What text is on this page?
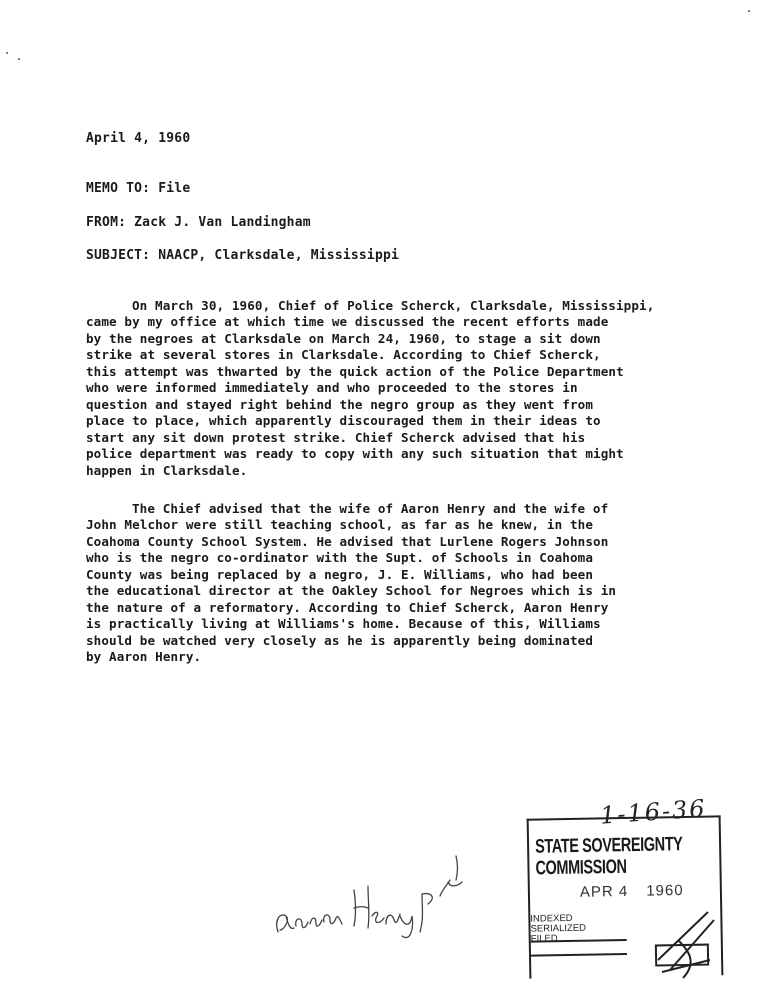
April 4, 1960
MEMO TO: File
FROM: Zack J. Van Landingham
SUBJECT: NAACP, Clarksdale, Mississippi

On March 30, 1960, Chief of Police Scherck, Clarksdale, Mississippi,
came by my office at which time we discussed the recent efforts made
by the negroes at Clarksdale on March 24, 1960, to stage a sit down
strike at several stores in Clarksdale. According to Chief Scherck,
this attempt was thwarted by the quick action of the Police Department
who were informed immediately and who proceeded to the stores in
question and stayed right behind the negro group as they went from
place to place, which apparently discouraged them in their ideas to
start any sit down protest strike. Chief Scherck advised that his
police department was ready to copy with any such situation that might
happen in Clarksdale.

The Chief advised that the wife of Aaron Henry and the wife of
John Melchor were still teaching school, as far as he knew, in the
Coahoma County School System. He advised that Lurlene Rogers Johnson
who is the negro co-ordinator with the Supt. of Schools in Coahoma
County was being replaced by a negro, J. E. Williams, who had been
the educational director at the Oakley School for Negroes which is in
the nature of a reformatory. According to Chief Scherck, Aaron Henry
is practically living at Williams's home. Because of this, Williams
should be watched very closely as he is apparently being dominated
by Aaron Henry.

1-16-36
STATE SOVEREIGNTY COMMISSION
APR 4 1960
INDEXED
SERIALIZED
FILED
